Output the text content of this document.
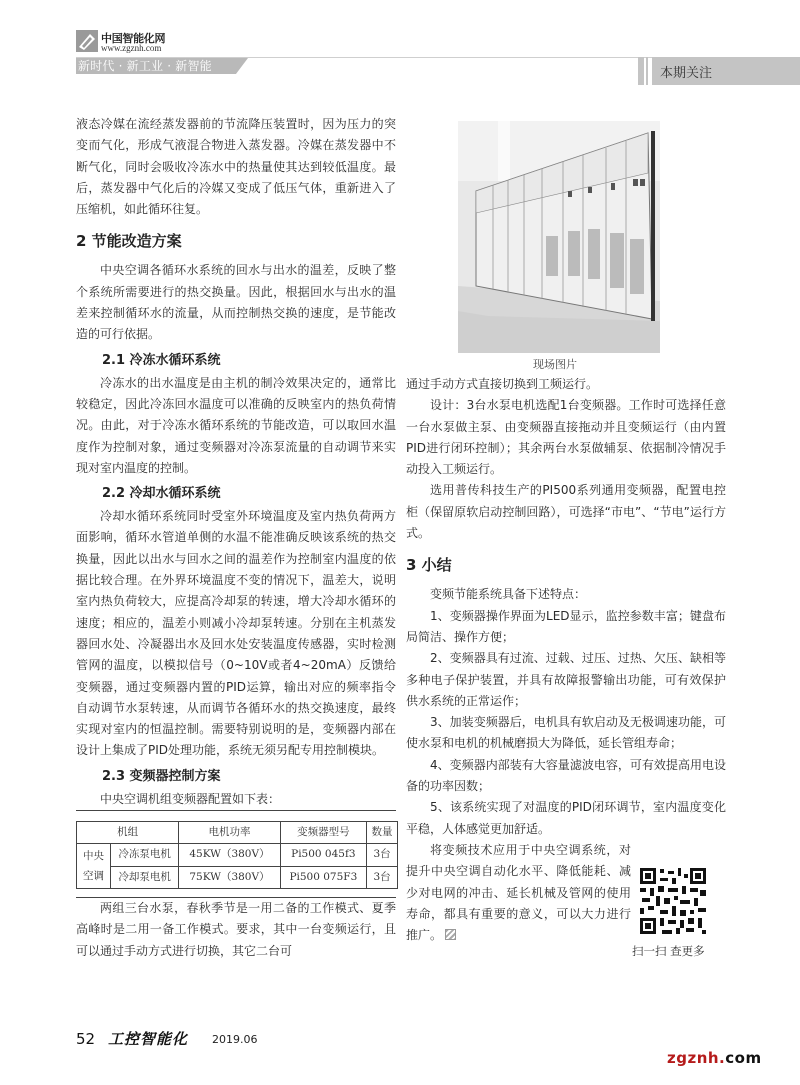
中国智能化网
www.zgznh.com
新时代 · 新工业 · 新智能	本期关注

液态冷媒在流经蒸发器前的节流降压装置时，因为压力的突变而气化，形成气液混合物进入蒸发器。冷媒在蒸发器中不断气化，同时会吸收冷冻水中的热量使其达到较低温度。最后，蒸发器中气化后的冷媒又变成了低压气体，重新进入了压缩机，如此循环往复。

2 节能改造方案

中央空调各循环水系统的回水与出水的温差，反映了整个系统所需要进行的热交换量。因此，根据回水与出水的温差来控制循环水的流量，从而控制热交换的速度，是节能改造的可行依据。

2.1 冷冻水循环系统

冷冻水的出水温度是由主机的制冷效果决定的，通常比较稳定，因此冷冻回水温度可以准确的反映室内的热负荷情况。由此，对于冷冻水循环系统的节能改造，可以取回水温度作为控制对象，通过变频器对冷冻泵流量的自动调节来实现对室内温度的控制。

2.2 冷却水循环系统

冷却水循环系统同时受室外环境温度及室内热负荷两方面影响，循环水管道单侧的水温不能准确反映该系统的热交换量，因此以出水与回水之间的温差作为控制室内温度的依据比较合理。在外界环境温度不变的情况下，温差大，说明室内热负荷较大，应提高冷却泵的转速，增大冷却水循环的速度；相应的，温差小则减小冷却泵转速。分别在主机蒸发器回水处、冷凝器出水及回水处安装温度传感器，实时检测管网的温度，以模拟信号（0~10V或者4~20mA）反馈给变频器，通过变频器内置的PID运算，输出对应的频率指令自动调节水泵转速，从而调节各循环水的热交换速度，最终实现对室内的恒温控制。需要特别说明的是，变频器内部在设计上集成了PID处理功能，系统无须另配专用控制模块。

2.3 变频器控制方案

中央空调机组变频器配置如下表：

机组		电机功率	变频器型号	数量

中央
空调	冷冻泵电机	45KW（380V）	Pi500 045f3	3台
	冷却泵电机	75KW（380V）	Pi500 075F3	3台

两组三台水泵，春秋季节是一用二备的工作模式、夏季高峰时是二用一备工作模式。要求，其中一台变频运行，且可以通过手动方式进行切换，其它二台可

现场图片

通过手动方式直接切换到工频运行。

设计：3台水泵电机选配1台变频器。工作时可选择任意一台水泵做主泵、由变频器直接拖动并且变频运行（由内置PID进行闭环控制）；其余两台水泵做辅泵、依据制冷情况手动投入工频运行。

选用普传科技生产的PI500系列通用变频器，配置电控柜（保留原软启动控制回路），可选择“市电”、“节电”运行方式。

3 小结

变频节能系统具备下述特点：

1、变频器操作界面为LED显示，监控参数丰富；键盘布局简洁、操作方便；

2、变频器具有过流、过载、过压、过热、欠压、缺相等多种电子保护装置，并具有故障报警输出功能，可有效保护供水系统的正常运作；

3、加装变频器后，电机具有软启动及无极调速功能，可使水泵和电机的机械磨损大为降低，延长管组寿命；

4、变频器内部装有大容量滤波电容，可有效提高用电设备的功率因数；

5、该系统实现了对温度的PID闭环调节，室内温度变化平稳，人体感觉更加舒适。

将变频技术应用于中央空调系统，对提升中央空调自动化水平、降低能耗、减少对电网的冲击、延长机械及管网的使用寿命，都具有重要的意义，可以大力进行推广。

扫一扫 查更多
52 工控智能化 2019.06
zgznh.com
